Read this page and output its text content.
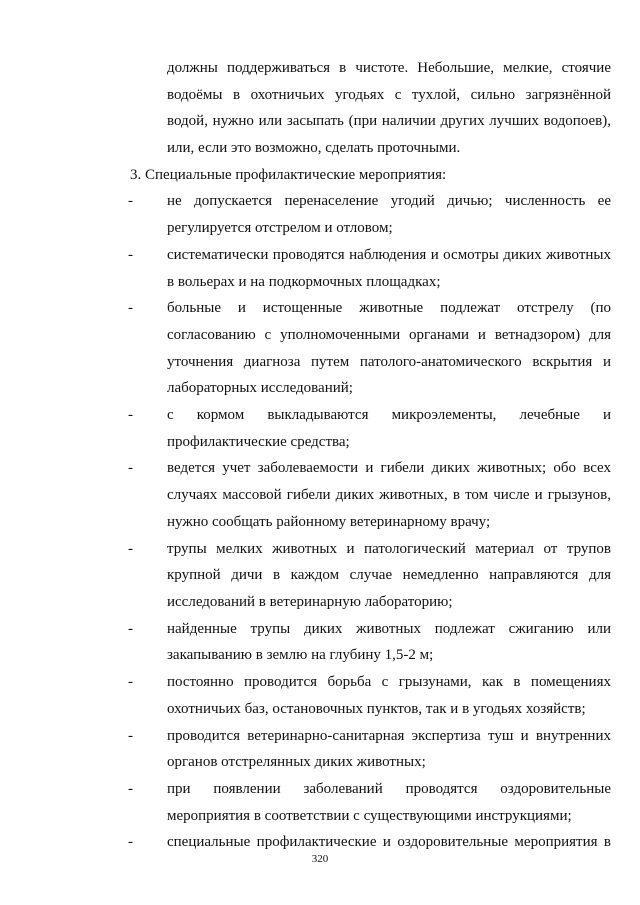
должны поддерживаться в чистоте. Небольшие, мелкие, стоячие
водоёмы в охотничьих угодьях с тухлой, сильно загрязнённой
водой, нужно или засыпать (при наличии других лучших водопоев),
или, если это возможно, сделать проточными.
3. Специальные профилактические мероприятия:
-	не допускается перенаселение угодий дичью; численность ее
регулируется отстрелом и отловом;
-	систематически проводятся наблюдения и осмотры диких животных
в вольерах и на подкормочных площадках;
-	больные и истощенные животные подлежат отстрелу (по
согласованию с уполномоченными органами и ветнадзором) для
уточнения диагноза путем патолого-анатомического вскрытия и
лабораторных исследований;
-	с кормом выкладываются микроэлементы, лечебные и
профилактические средства;
-	ведется учет заболеваемости и гибели диких животных; обо всех
случаях массовой гибели диких животных, в том числе и грызунов,
нужно сообщать районному ветеринарному врачу;
-	трупы мелких животных и патологический материал от трупов
крупной дичи в каждом случае немедленно направляются для
исследований в ветеринарную лабораторию;
-	найденные трупы диких животных подлежат сжиганию или
закапыванию в землю на глубину 1,5-2 м;
-	постоянно проводится борьба с грызунами, как в помещениях
охотничьих баз, остановочных пунктов, так и в угодьях хозяйств;
-	проводится ветеринарно-санитарная экспертиза туш и внутренних
органов отстрелянных диких животных;
-	при появлении заболеваний проводятся оздоровительные
мероприятия в соответствии с существующими инструкциями;
-	специальные профилактические и оздоровительные мероприятия в
320
